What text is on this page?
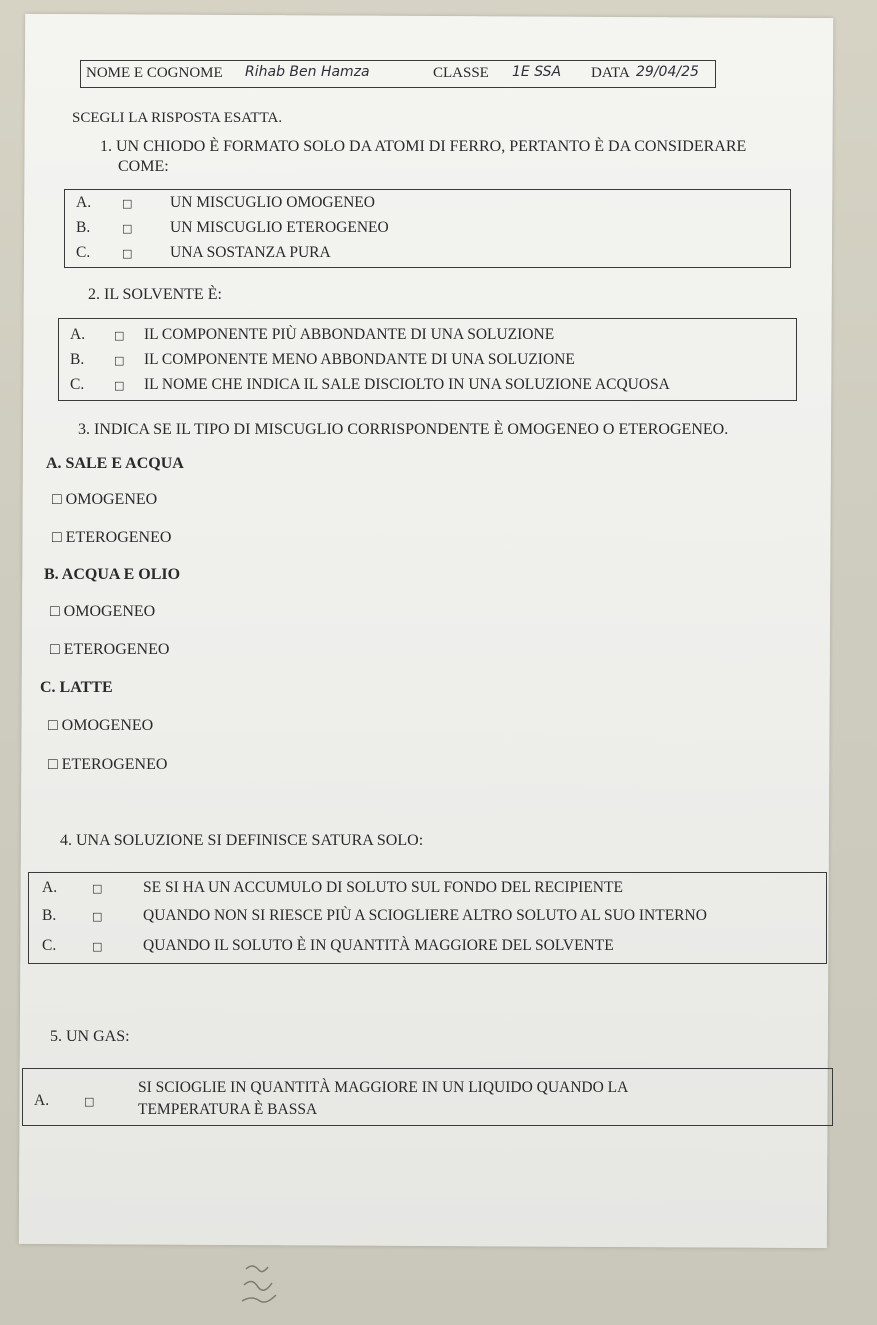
NOME E COGNOME Rihab Ben Hamza	CLASSE 1E SSA DATA 29/04/25
SCEGLI LA RISPOSTA ESATTA.
1. UN CHIODO È FORMATO SOLO DA ATOMI DI FERRO, PERTANTO È DA CONSIDERARE
COME:
A.	□ UN MISCUGLIO OMOGENEO
B.	□ UN MISCUGLIO ETEROGENEO
C.	□ UNA SOSTANZA PURA
2. IL SOLVENTE È:
A.	□ IL COMPONENTE PIÙ ABBONDANTE DI UNA SOLUZIONE
B.	□ IL COMPONENTE MENO ABBONDANTE DI UNA SOLUZIONE
C.	□ IL NOME CHE INDICA IL SALE DISCIOLTO IN UNA SOLUZIONE ACQUOSA
3. INDICA SE IL TIPO DI MISCUGLIO CORRISPONDENTE È OMOGENEO O ETEROGENEO.
A. SALE E ACQUA
□ OMOGENEO
□ ETEROGENEO
B. ACQUA E OLIO
□ OMOGENEO
□ ETEROGENEO
C. LATTE
□ OMOGENEO
□ ETEROGENEO
4. UNA SOLUZIONE SI DEFINISCE SATURA SOLO:
A.	□	SE SI HA UN ACCUMULO DI SOLUTO SUL FONDO DEL RECIPIENTE
B.	□	QUANDO NON SI RIESCE PIÙ A SCIOGLIERE ALTRO SOLUTO AL SUO INTERNO
C.	□	QUANDO IL SOLUTO È IN QUANTITÀ MAGGIORE DEL SOLVENTE
5. UN GAS:
A.	□
SI SCIOGLIE IN QUANTITÀ MAGGIORE IN UN LIQUIDO QUANDO LA
TEMPERATURA È BASSA
